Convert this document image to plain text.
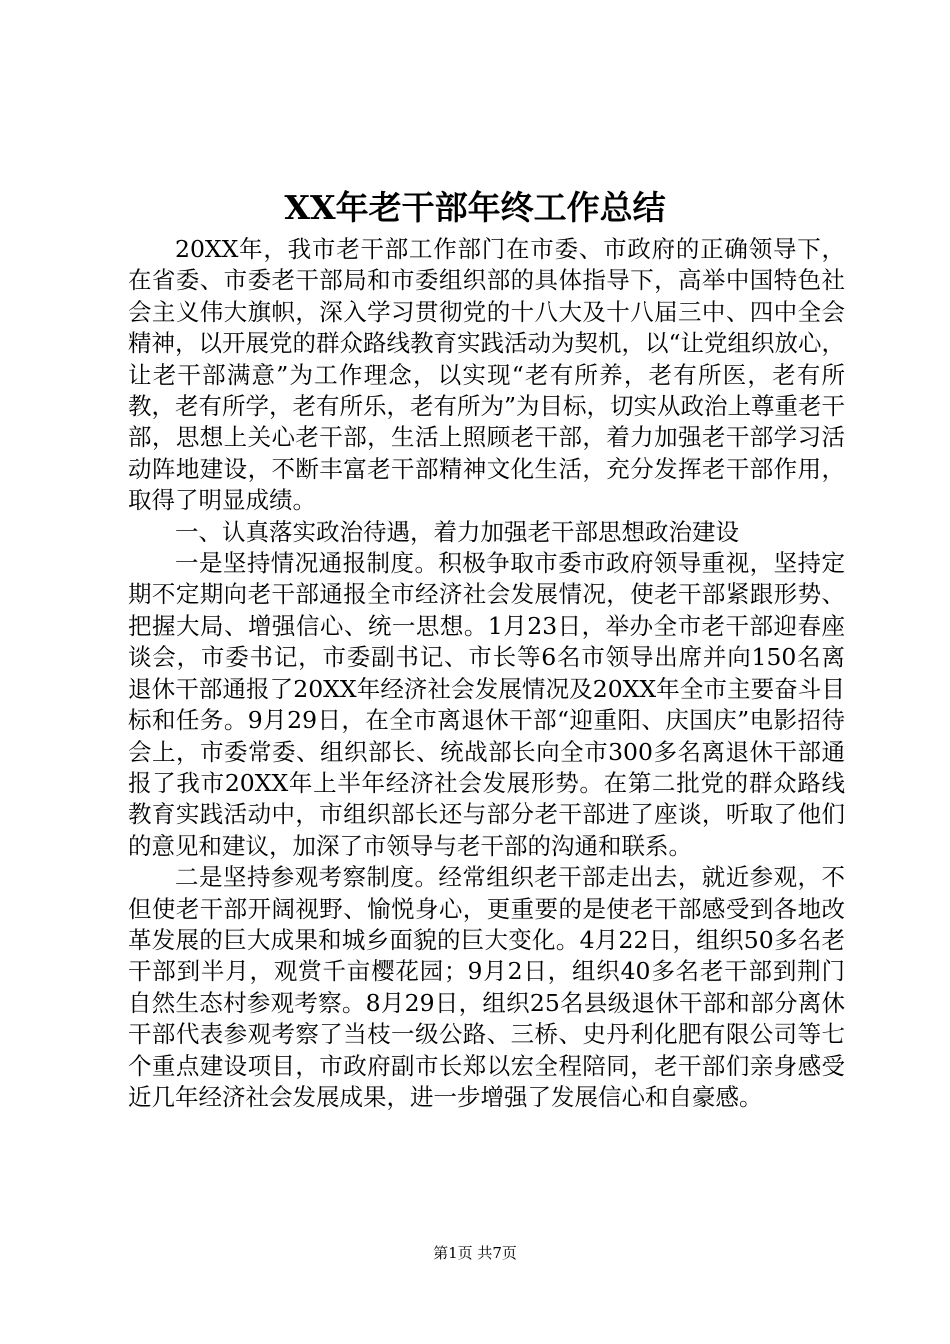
XX年老干部年终工作总结

20XX年，我市老干部工作部门在市委、市政府的正确领导下，在省委、市委老干部局和市委组织部的具体指导下，高举中国特色社会主义伟大旗帜，深入学习贯彻党的十八大及十八届三中、四中全会精神，以开展党的群众路线教育实践活动为契机，以“让党组织放心，让老干部满意”为工作理念，以实现“老有所养，老有所医，老有所教，老有所学，老有所乐，老有所为”为目标，切实从政治上尊重老干部，思想上关心老干部，生活上照顾老干部，着力加强老干部学习活动阵地建设，不断丰富老干部精神文化生活，充分发挥老干部作用，取得了明显成绩。

一、认真落实政治待遇，着力加强老干部思想政治建设

一是坚持情况通报制度。积极争取市委市政府领导重视，坚持定期不定期向老干部通报全市经济社会发展情况，使老干部紧跟形势、把握大局、增强信心、统一思想。1月23日，举办全市老干部迎春座谈会，市委书记，市委副书记、市长等6名市领导出席并向150名离退休干部通报了20XX年经济社会发展情况及20XX年全市主要奋斗目标和任务。9月29日，在全市离退休干部“迎重阳、庆国庆”电影招待会上，市委常委、组织部长、统战部长向全市300多名离退休干部通报了我市20XX年上半年经济社会发展形势。在第二批党的群众路线教育实践活动中，市组织部长还与部分老干部进了座谈，听取了他们的意见和建议，加深了市领导与老干部的沟通和联系。

二是坚持参观考察制度。经常组织老干部走出去，就近参观，不但使老干部开阔视野、愉悦身心，更重要的是使老干部感受到各地改革发展的巨大成果和城乡面貌的巨大变化。4月22日，组织50多名老干部到半月，观赏千亩樱花园；9月2日，组织40多名老干部到荆门自然生态村参观考察。8月29日，组织25名县级退休干部和部分离休干部代表参观考察了当枝一级公路、三桥、史丹利化肥有限公司等七个重点建设项目，市政府副市长郑以宏全程陪同，老干部们亲身感受近几年经济社会发展成果，进一步增强了发展信心和自豪感。

第1页 共7页
